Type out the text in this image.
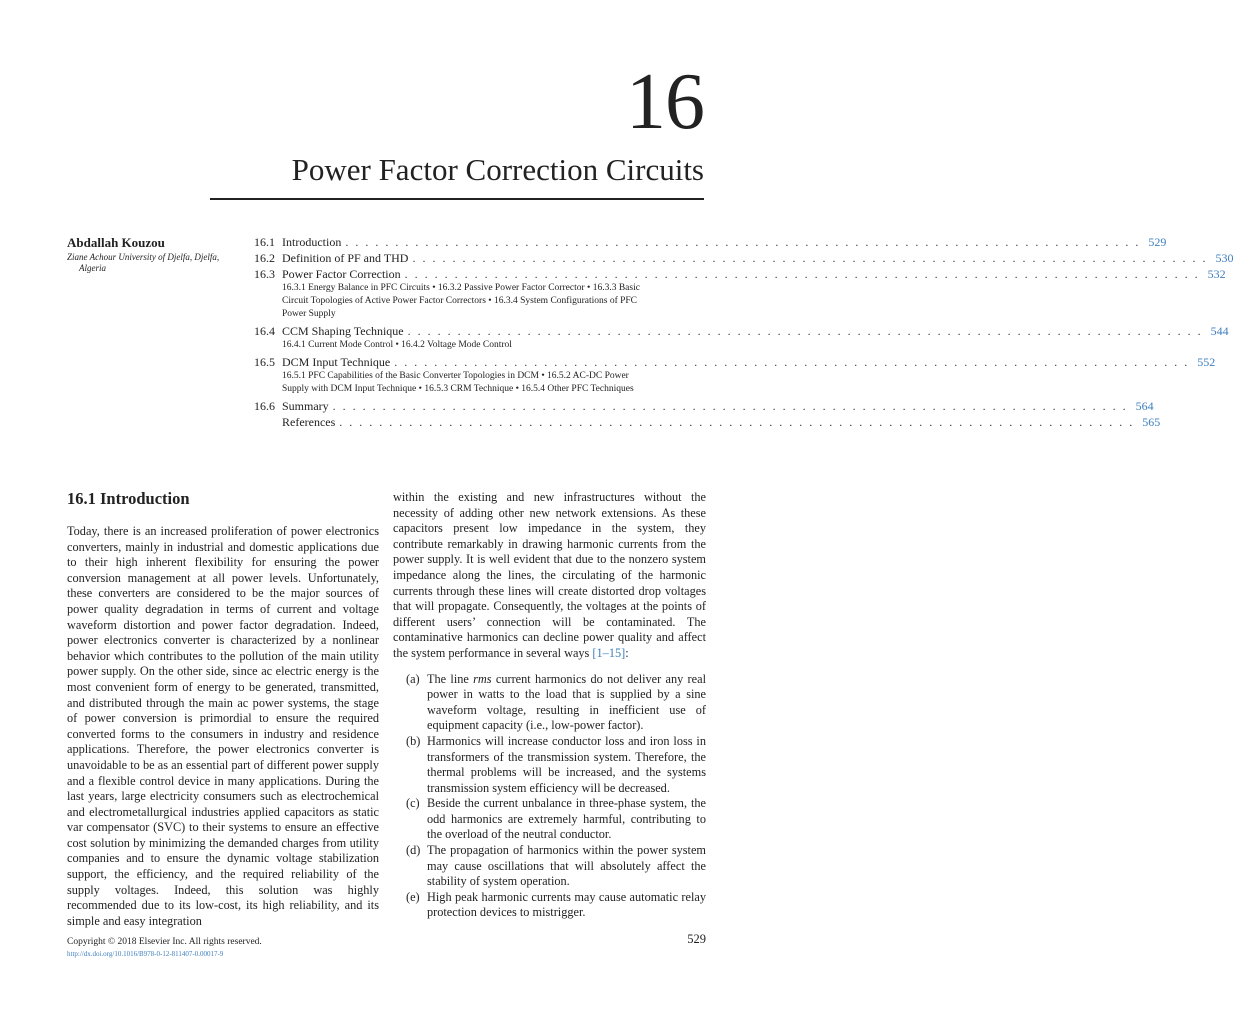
16
Power Factor Correction Circuits
Abdallah Kouzou
Ziane Achour University of Djelfa, Djelfa,
Algeria
16.1 Introduction . . . . . . . . . . . . . . . . . . . . . . . . . . . . . . . . . . . . . . . . . . . . . . . . . . . . . . . . . . . . . . . . . . . . . . . . . . . . . . . . 529
16.2 Definition of PF and THD . . . . . . . . . . . . . . . . . . . . . . . . . . . . . . . . . . . . . . . . . . . . . . . . . . . . . . . . . . . . . . . . . . . . . . . . . . . . . . . . 530
16.3 Power Factor Correction . . . . . . . . . . . . . . . . . . . . . . . . . . . . . . . . . . . . . . . . . . . . . . . . . . . . . . . . . . . . . . . . . . . . . . . . . . . . . . . . 532
16.3.1 Energy Balance in PFC Circuits • 16.3.2 Passive Power Factor Corrector • 16.3.3 Basic
Circuit Topologies of Active Power Factor Correctors • 16.3.4 System Configurations of PFC
Power Supply
16.4 CCM Shaping Technique . . . . . . . . . . . . . . . . . . . . . . . . . . . . . . . . . . . . . . . . . . . . . . . . . . . . . . . . . . . . . . . . . . . . . . . . . . . . . . . . 544
16.4.1 Current Mode Control • 16.4.2 Voltage Mode Control
16.5 DCM Input Technique . . . . . . . . . . . . . . . . . . . . . . . . . . . . . . . . . . . . . . . . . . . . . . . . . . . . . . . . . . . . . . . . . . . . . . . . . . . . . . . . 552
16.5.1 PFC Capabilities of the Basic Converter Topologies in DCM • 16.5.2 AC-DC Power
Supply with DCM Input Technique • 16.5.3 CRM Technique • 16.5.4 Other PFC Techniques
16.6 Summary . . . . . . . . . . . . . . . . . . . . . . . . . . . . . . . . . . . . . . . . . . . . . . . . . . . . . . . . . . . . . . . . . . . . . . . . . . . . . . . . 564
References . . . . . . . . . . . . . . . . . . . . . . . . . . . . . . . . . . . . . . . . . . . . . . . . . . . . . . . . . . . . . . . . . . . . . . . . . . . . . . . . 565
16.1 Introduction

Today, there is an increased proliferation of power electronics converters, mainly in industrial and domestic applications due to their high inherent flexibility for ensuring the power conversion management at all power levels. Unfortunately, these converters are considered to be the major sources of power quality degradation in terms of current and voltage waveform distortion and power factor degradation. Indeed, power electronics converter is characterized by a nonlinear behavior which contributes to the pollution of the main utility power supply. On the other side, since ac electric energy is the most convenient form of energy to be generated, transmitted, and distributed through the main ac power systems, the stage of power conversion is primordial to ensure the required converted forms to the consumers in industry and residence applications. Therefore, the power electronics converter is unavoidable to be as an essential part of different power supply and a flexible control device in many applications. During the last years, large electricity consumers such as electrochemical and electrometallurgical industries applied capacitors as static var compensator (SVC) to their systems to ensure an effective cost solution by minimizing the demanded charges from utility companies and to ensure the dynamic voltage stabilization support, the efficiency, and the required reliability of the supply voltages. Indeed, this solution was highly recommended due to its low-cost, its high reliability, and its simple and easy integration

within the existing and new infrastructures without the necessity of adding other new network extensions. As these capacitors present low impedance in the system, they contribute remarkably in drawing harmonic currents from the power supply. It is well evident that due to the nonzero system impedance along the lines, the circulating of the harmonic currents through these lines will create distorted drop voltages that will propagate. Consequently, the voltages at the points of different users’ connection will be contaminated. The contaminative harmonics can decline power quality and affect the system performance in several ways [1–15]:

(a) The line rms current harmonics do not deliver any real power in watts to the load that is supplied by a sine waveform voltage, resulting in inefficient use of equipment capacity (i.e., low-power factor).
(b) Harmonics will increase conductor loss and iron loss in transformers of the transmission system. Therefore, the thermal problems will be increased, and the systems transmission system efficiency will be decreased.
(c) Beside the current unbalance in three-phase system, the odd harmonics are extremely harmful, contributing to the overload of the neutral conductor.
(d) The propagation of harmonics within the power system may cause oscillations that will absolutely affect the stability of system operation.
(e) High peak harmonic currents may cause automatic relay protection devices to mistrigger.
Copyright © 2018 Elsevier Inc. All rights reserved.
http://dx.doi.org/10.1016/B978-0-12-811407-0.00017-9
529
